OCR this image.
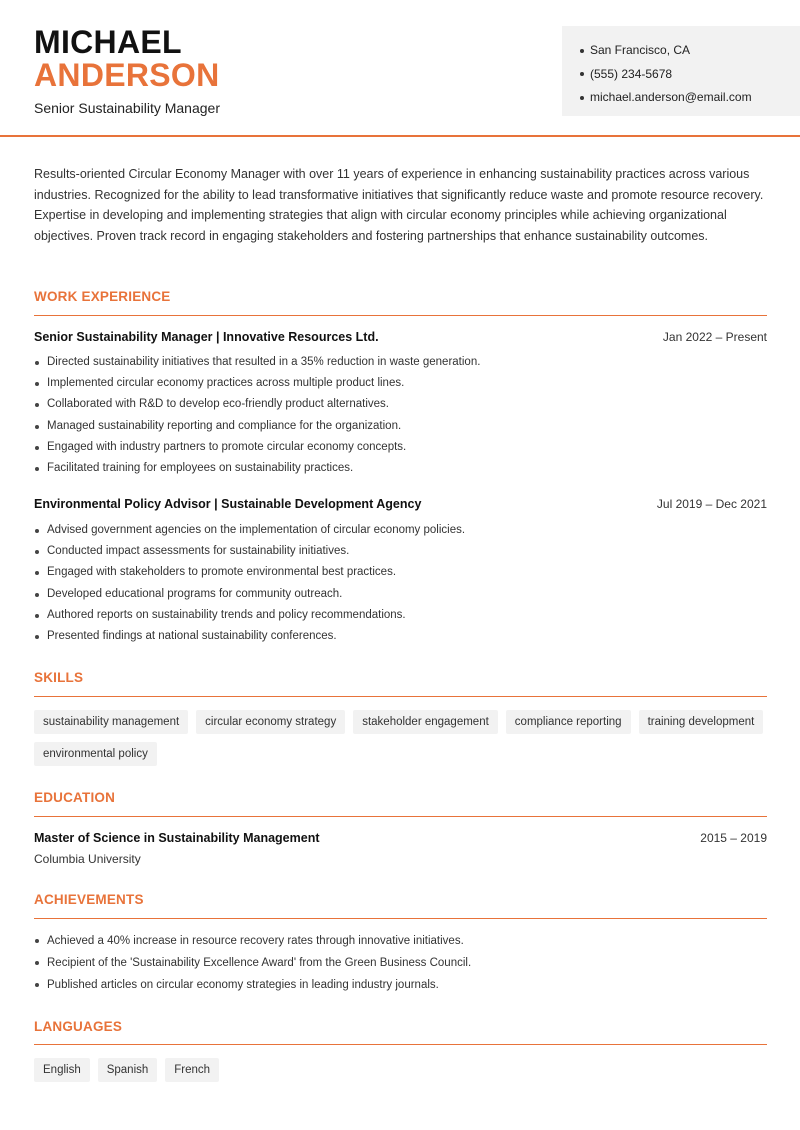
MICHAEL
ANDERSON
Senior Sustainability Manager
San Francisco, CA
(555) 234-5678
michael.anderson@email.com

Results-oriented Circular Economy Manager with over 11 years of experience in enhancing sustainability practices across various industries. Recognized for the ability to lead transformative initiatives that significantly reduce waste and promote resource recovery. Expertise in developing and implementing strategies that align with circular economy principles while achieving organizational objectives. Proven track record in engaging stakeholders and fostering partnerships that enhance sustainability outcomes.

WORK EXPERIENCE
Senior Sustainability Manager | Innovative Resources Ltd.	Jan 2022 – Present
Directed sustainability initiatives that resulted in a 35% reduction in waste generation.
Implemented circular economy practices across multiple product lines.
Collaborated with R&D to develop eco-friendly product alternatives.
Managed sustainability reporting and compliance for the organization.
Engaged with industry partners to promote circular economy concepts.
Facilitated training for employees on sustainability practices.
Environmental Policy Advisor | Sustainable Development Agency	Jul 2019 – Dec 2021
Advised government agencies on the implementation of circular economy policies.
Conducted impact assessments for sustainability initiatives.
Engaged with stakeholders to promote environmental best practices.
Developed educational programs for community outreach.
Authored reports on sustainability trends and policy recommendations.
Presented findings at national sustainability conferences.
SKILLS
sustainability management	circular economy strategy	stakeholder engagement	compliance reporting	training development
environmental policy
EDUCATION
Master of Science in Sustainability Management	2015 – 2019
Columbia University
ACHIEVEMENTS
Achieved a 40% increase in resource recovery rates through innovative initiatives.
Recipient of the 'Sustainability Excellence Award' from the Green Business Council.
Published articles on circular economy strategies in leading industry journals.
LANGUAGES
English	Spanish	French
